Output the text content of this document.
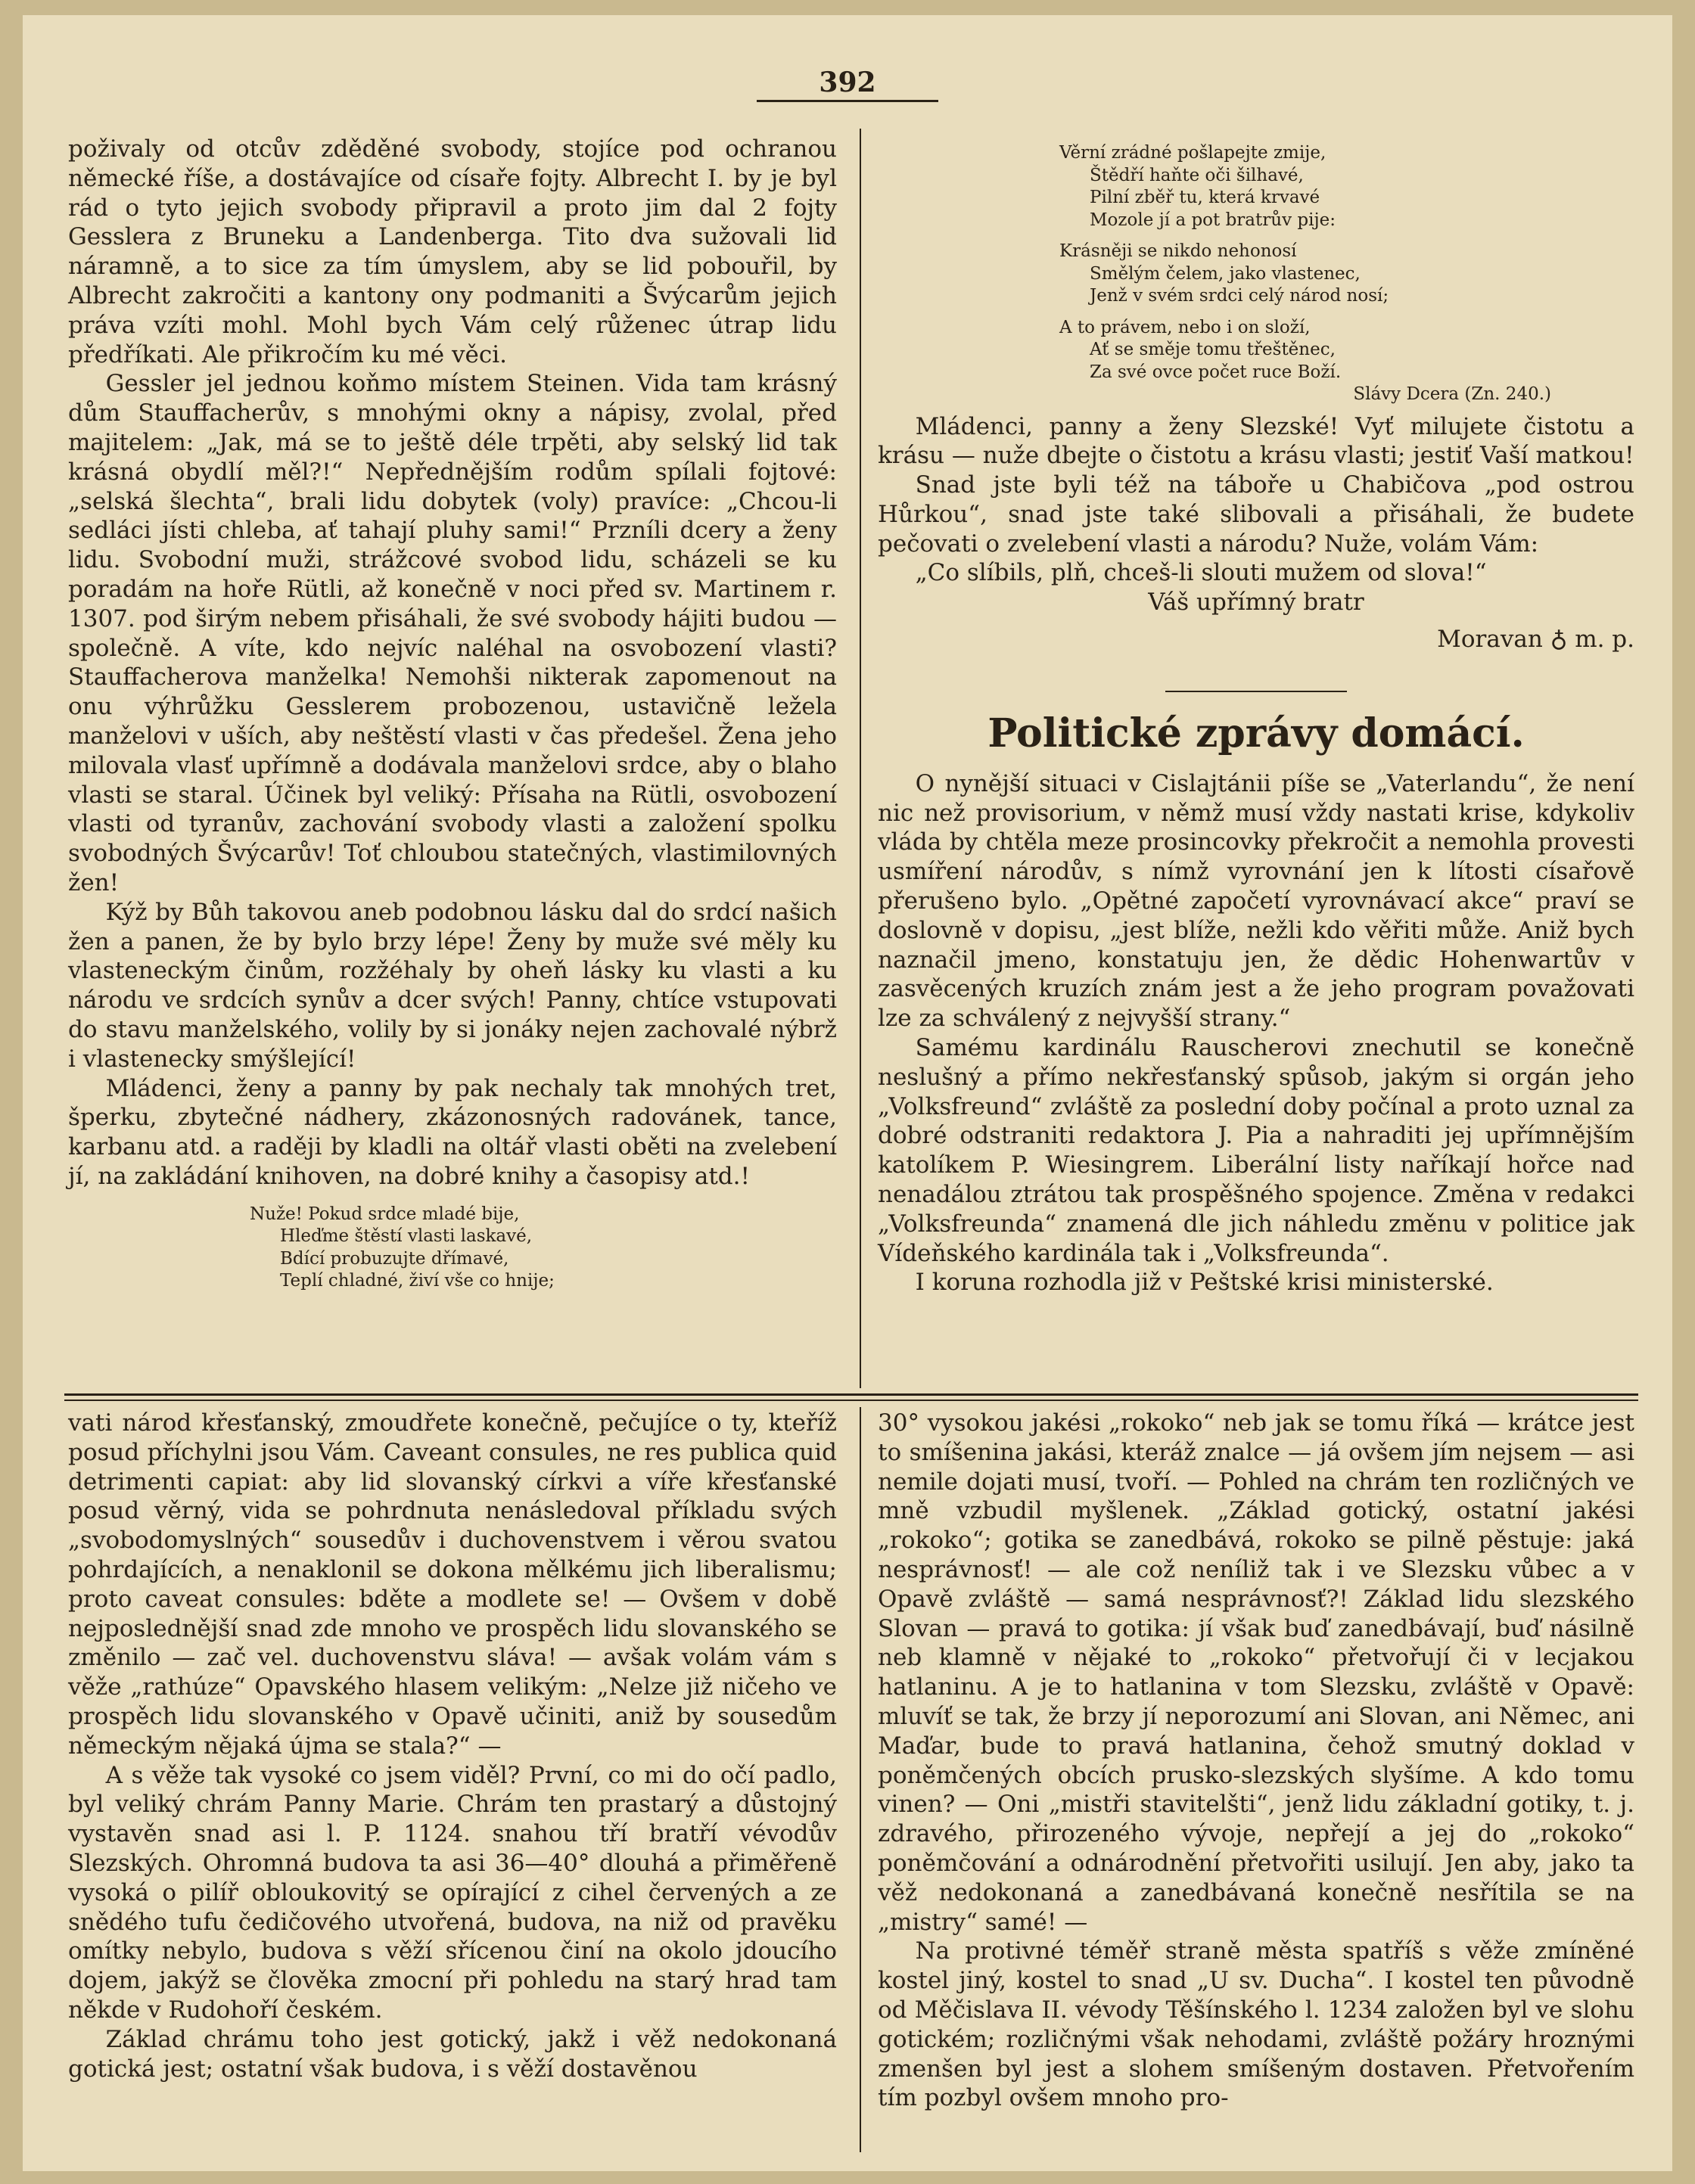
392

poživaly od otcův zděděné svobody, stojíce pod ochranou německé říše, a dostávajíce od císaře fojty. Albrecht I. by je byl rád o tyto jejich svobody připravil a proto jim dal 2 fojty Gesslera z Bruneku a Landenberga. Tito dva sužovali lid náramně, a to sice za tím úmyslem, aby se lid pobouřil, by Albrecht zakročiti a kantony ony podmaniti a Švýcarům jejich práva vzíti mohl. Mohl bych Vám celý růženec útrap lidu předříkati. Ale přikročím ku mé věci.

Gessler jel jednou koňmo místem Steinen. Vida tam krásný dům Stauffacherův, s mnohými okny a nápisy, zvolal, před majitelem: „Jak, má se to ještě déle trpěti, aby selský lid tak krásná obydlí měl?!“ Nepřednějším rodům spílali fojtové: „selská šlechta“, brali lidu dobytek (voly) pravíce: „Chcou-li sedláci jísti chleba, ať tahají pluhy sami!“ Przníli dcery a ženy lidu. Svobodní muži, strážcové svobod lidu, scházeli se ku poradám na hoře Rütli, až konečně v noci před sv. Martinem r. 1307. pod širým nebem přisáhali, že své svobody hájiti budou — společně. A víte, kdo nejvíc naléhal na osvobození vlasti? Stauffacherova manželka! Nemohši nikterak zapomenout na onu výhrůžku Gesslerem probozenou, ustavičně ležela manželovi v uších, aby neštěstí vlasti v čas předešel. Žena jeho milovala vlasť upřímně a dodávala manželovi srdce, aby o blaho vlasti se staral. Účinek byl veliký: Přísaha na Rütli, osvobození vlasti od tyranův, zachování svobody vlasti a založení spolku svobodných Švýcarův! Toť chloubou statečných, vlastimilovných žen!

Kýž by Bůh takovou aneb podobnou lásku dal do srdcí našich žen a panen, že by bylo brzy lépe! Ženy by muže své měly ku vlasteneckým činům, rozžéhaly by oheň lásky ku vlasti a ku národu ve srdcích synův a dcer svých! Panny, chtíce vstupovati do stavu manželského, volily by si jonáky nejen zachovalé nýbrž i vlastenecky smýšlející!

Mládenci, ženy a panny by pak nechaly tak mnohých tret, šperku, zbytečné nádhery, zkázonosných radovánek, tance, karbanu atd. a raději by kladli na oltář vlasti oběti na zvelebení jí, na zakládání knihoven, na dobré knihy a časopisy atd.!

Nuže! Pokud srdce mladé bije,
Hleďme štěstí vlasti laskavé,
Bdící probuzujte dřímavé,
Teplí chladné, živí vše co hnije;
Věrní zrádné pošlapejte zmije,
Štědří haňte oči šilhavé,
Pilní zběř tu, která krvavé
Mozole jí a pot bratrův pije:
Krásněji se nikdo nehonosí
Smělým čelem, jako vlastenec,
Jenž v svém srdci celý národ nosí;
A to právem, nebo i on složí,
Ať se směje tomu třeštěnec,
Za své ovce počet ruce Boží.
Slávy Dcera (Zn. 240.)

Mládenci, panny a ženy Slezské! Vyť milujete čistotu a krásu — nuže dbejte o čistotu a krásu vlasti; jestiť Vaší matkou!

Snad jste byli též na táboře u Chabičova „pod ostrou Hůrkou“, snad jste také slibovali a přisáhali, že budete pečovati o zvelebení vlasti a národu? Nuže, volám Vám:

„Co slíbils, plň, chceš-li slouti mužem od slova!“

Váš upřímný bratr

Moravan ♁ m. p.

Politické zprávy domácí.

O nynější situaci v Cislajtánii píše se „Vaterlandu“, že není nic než provisorium, v němž musí vždy nastati krise, kdykoliv vláda by chtěla meze prosincovky překročit a nemohla provesti usmíření národův, s nímž vyrovnání jen k lítosti císařově přerušeno bylo. „Opětné započetí vyrovnávací akce“ praví se doslovně v dopisu, „jest blíže, nežli kdo věřiti může. Aniž bych naznačil jmeno, konstatuju jen, že dědic Hohenwartův v zasvěcených kruzích znám jest a že jeho program považovati lze za schválený z nejvyšší strany.“

Samému kardinálu Rauscherovi znechutil se konečně neslušný a přímo nekřesťanský spůsob, jakým si orgán jeho „Volksfreund“ zvláště za poslední doby počínal a proto uznal za dobré odstraniti redaktora J. Pia a nahraditi jej upřímnějším katolíkem P. Wiesingrem. Liberální listy naříkají hořce nad nenadálou ztrátou tak prospěšného spojence. Změna v redakci „Volksfreunda“ znamená dle jich náhledu změnu v politice jak Vídeňského kardinála tak i „Volksfreunda“.

I koruna rozhodla již v Peštské krisi ministerské.

vati národ křesťanský, zmoudřete konečně, pečujíce o ty, kteříž posud příchylni jsou Vám. Caveant consules, ne res publica quid detrimenti capiat: aby lid slovanský církvi a víře křesťanské posud věrný, vida se pohrdnuta nenásledoval příkladu svých „svobodomyslných“ sousedův i duchovenstvem i věrou svatou pohrdajících, a nenaklonil se dokona mělkému jich liberalismu; proto caveat consules: bděte a modlete se! — Ovšem v době nejposlednější snad zde mnoho ve prospěch lidu slovanského se změnilo — zač vel. duchovenstvu sláva! — avšak volám vám s věže „rathúze“ Opavského hlasem velikým: „Nelze již ničeho ve prospěch lidu slovanského v Opavě učiniti, aniž by sousedům německým nějaká újma se stala?“ —

A s věže tak vysoké co jsem viděl? První, co mi do očí padlo, byl veliký chrám Panny Marie. Chrám ten prastarý a důstojný vystavěn snad asi l. P. 1124. snahou tří bratří vévodův Slezských. Ohromná budova ta asi 36—40° dlouhá a přiměřeně vysoká o pilíř obloukovitý se opírající z cihel červených a ze snědého tufu čedičového utvořená, budova, na niž od pravěku omítky nebylo, budova s věží sřícenou činí na okolo jdoucího dojem, jakýž se člověka zmocní při pohledu na starý hrad tam někde v Rudohoří českém.

Základ chrámu toho jest gotický, jakž i věž nedokonaná gotická jest; ostatní však budova, i s věží dostavěnou

30° vysokou jakési „rokoko“ neb jak se tomu říká — krátce jest to smíšenina jakási, kteráž znalce — já ovšem jím nejsem — asi nemile dojati musí, tvoří. — Pohled na chrám ten rozličných ve mně vzbudil myšlenek. „Základ gotický, ostatní jakési „rokoko“; gotika se zanedbává, rokoko se pilně pěstuje: jaká nesprávnosť! — ale což neníliž tak i ve Slezsku vůbec a v Opavě zvláště — samá nesprávnosť?! Základ lidu slezského Slovan — pravá to gotika: jí však buď zanedbávají, buď násilně neb klamně v nějaké to „rokoko“ přetvořují či v lecjakou hatlaninu. A je to hatlanina v tom Slezsku, zvláště v Opavě: mluvíť se tak, že brzy jí neporozumí ani Slovan, ani Němec, ani Maďar, bude to pravá hatlanina, čehož smutný doklad v poněmčených obcích prusko-slezských slyšíme. A kdo tomu vinen? — Oni „mistři stavitelšti“, jenž lidu základní gotiky, t. j. zdravého, přirozeného vývoje, nepřejí a jej do „rokoko“ poněmčování a odnárodnění přetvořiti usilují. Jen aby, jako ta věž nedokonaná a zanedbávaná konečně nesřítila se na „mistry“ samé! —

Na protivné téměř straně města spatříš s věže zmíněné kostel jiný, kostel to snad „U sv. Ducha“. I kostel ten původně od Měčislava II. vévody Těšínského l. 1234 založen byl ve slohu gotickém; rozličnými však nehodami, zvláště požáry hroznými zmenšen byl jest a slohem smíšeným dostaven. Přetvořením tím pozbyl ovšem mnoho pro-
